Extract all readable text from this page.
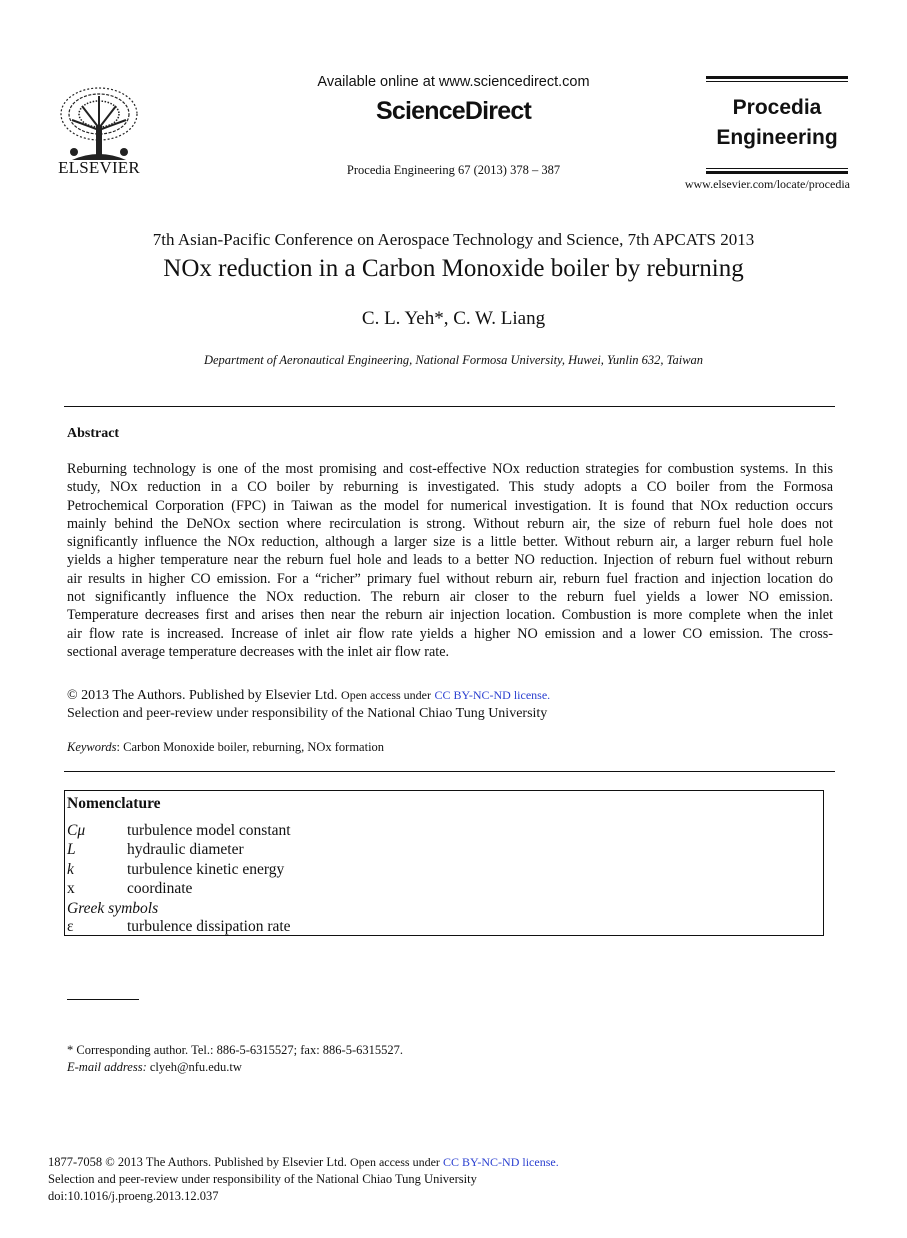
ELSEVIER
Available online at www.sciencedirect.com
ScienceDirect
Procedia Engineering 67 (2013) 378 – 387
Procedia
Engineering
www.elsevier.com/locate/procedia
7th Asian-Pacific Conference on Aerospace Technology and Science, 7th APCATS 2013
NOx reduction in a Carbon Monoxide boiler by reburning
C. L. Yeh*, C. W. Liang
Department of Aeronautical Engineering, National Formosa University, Huwei, Yunlin 632, Taiwan
Abstract
Reburning technology is one of the most promising and cost-effective NOx reduction strategies for combustion systems. In this
study, NOx reduction in a CO boiler by reburning is investigated. This study adopts a CO boiler from the Formosa
Petrochemical Corporation (FPC) in Taiwan as the model for numerical investigation. It is found that NOx reduction occurs
mainly behind the DeNOx section where recirculation is strong. Without reburn air, the size of reburn fuel hole does not
significantly influence the NOx reduction, although a larger size is a little better. Without reburn air, a larger reburn fuel hole
yields a higher temperature near the reburn fuel hole and leads to a better NO reduction. Injection of reburn fuel without reburn
air results in higher CO emission. For a “richer” primary fuel without reburn air, reburn fuel fraction and injection location do
not significantly influence the NOx reduction. The reburn air closer to the reburn fuel yields a lower NO emission.
Temperature decreases first and arises then near the reburn air injection location. Combustion is more complete when the inlet
air flow rate is increased. Increase of inlet air flow rate yields a higher NO emission and a lower CO emission. The cross-
sectional average temperature decreases with the inlet air flow rate.
© 2013 The Authors. Published by Elsevier Ltd. Open access under CC BY-NC-ND license.
Selection and peer-review under responsibility of the National Chiao Tung University
Keywords: Carbon Monoxide boiler, reburning, NOx formation
Nomenclature
Cμ	turbulence model constant
L	hydraulic diameter
k	turbulence kinetic energy
x	coordinate
Greek symbols
ε	turbulence dissipation rate
* Corresponding author. Tel.: 886-5-6315527; fax: 886-5-6315527.
E-mail address: clyeh@nfu.edu.tw
1877-7058 © 2013 The Authors. Published by Elsevier Ltd. Open access under CC BY-NC-ND license.
Selection and peer-review under responsibility of the National Chiao Tung University
doi:10.1016/j.proeng.2013.12.037
